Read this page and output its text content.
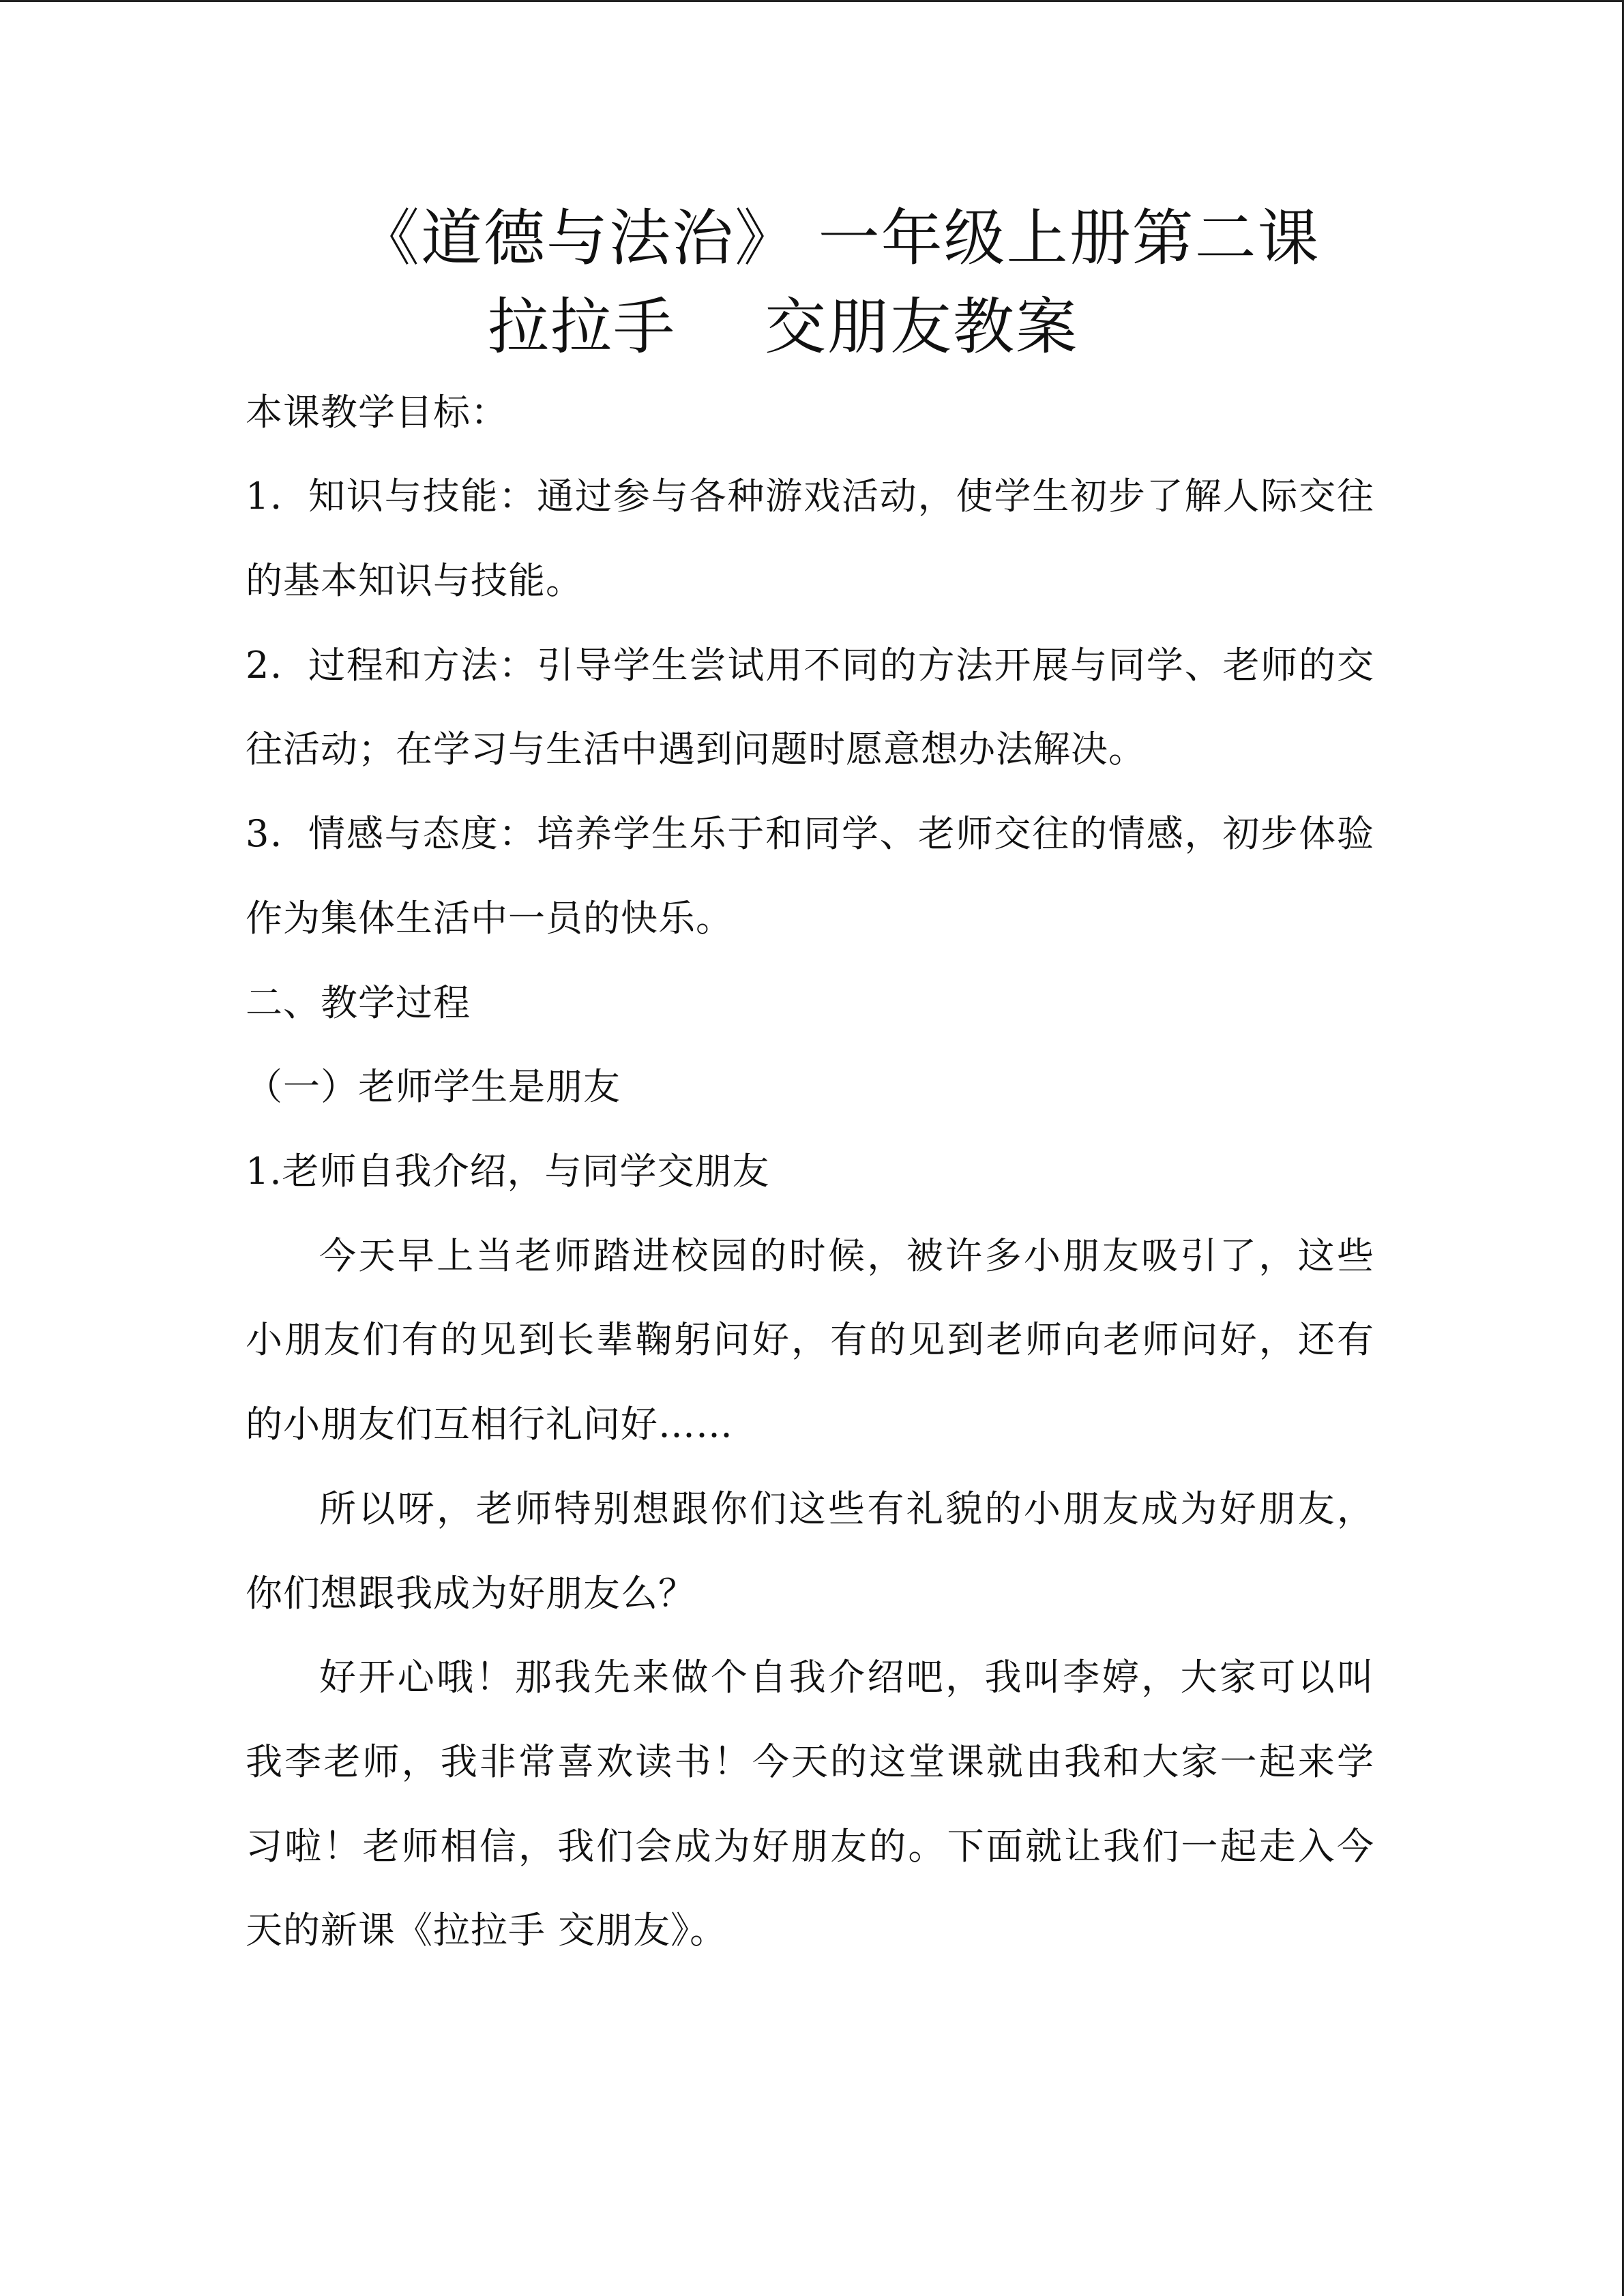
《道德与法治》 一年级上册第二课
拉拉手 交朋友教案
本课教学目标：
1．知识与技能：通过参与各种游戏活动，使学生初步了解人际交往
的基本知识与技能。
2．过程和方法：引导学生尝试用不同的方法开展与同学、老师的交
往活动；在学习与生活中遇到问题时愿意想办法解决。
3．情感与态度：培养学生乐于和同学、老师交往的情感，初步体验
作为集体生活中一员的快乐。
二、教学过程
（一）老师学生是朋友
1.老师自我介绍，与同学交朋友
今天早上当老师踏进校园的时候，被许多小朋友吸引了，这些
小朋友们有的见到长辈鞠躬问好，有的见到老师向老师问好，还有
的小朋友们互相行礼问好……
所以呀，老师特别想跟你们这些有礼貌的小朋友成为好朋友，
你们想跟我成为好朋友么？
好开心哦！那我先来做个自我介绍吧，我叫李婷，大家可以叫
我李老师，我非常喜欢读书！今天的这堂课就由我和大家一起来学
习啦！老师相信，我们会成为好朋友的。下面就让我们一起走入今
天的新课《拉拉手 交朋友》。
